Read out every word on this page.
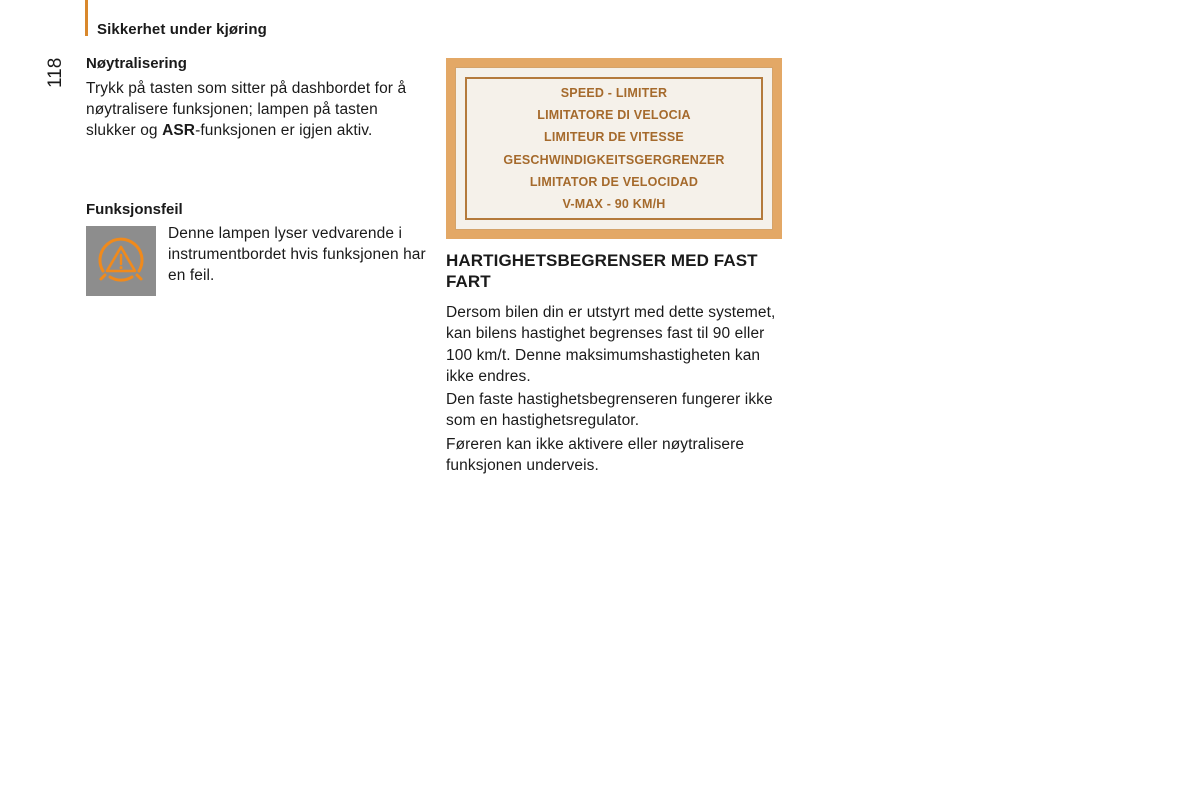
Sikkerhet under kjøring
118 Nøytralisering

Trykk på tasten som sitter på dashbordet for å nøytralisere funksjonen; lampen på tasten slukker og ASR-funksjonen er igjen aktiv.

Funksjonsfeil

Denne lampen lyser vedvarende i instrumentbordet hvis funksjonen har en feil.
SPEED - LIMITER
LIMITATORE DI VELOCIA
LIMITEUR DE VITESSE
GESCHWINDIGKEITSGERGRENZER
LIMITATOR DE VELOCIDAD
V-MAX - 90 KM/H
HARTIGHETSBEGRENSER MED FAST FART

Dersom bilen din er utstyrt med dette systemet, kan bilens hastighet begrenses fast til 90 eller 100 km/t. Denne maksimumshastigheten kan ikke endres.

Den faste hastighetsbegrenseren fungerer ikke som en hastighetsregulator.

Føreren kan ikke aktivere eller nøytralisere funksjonen underveis.
